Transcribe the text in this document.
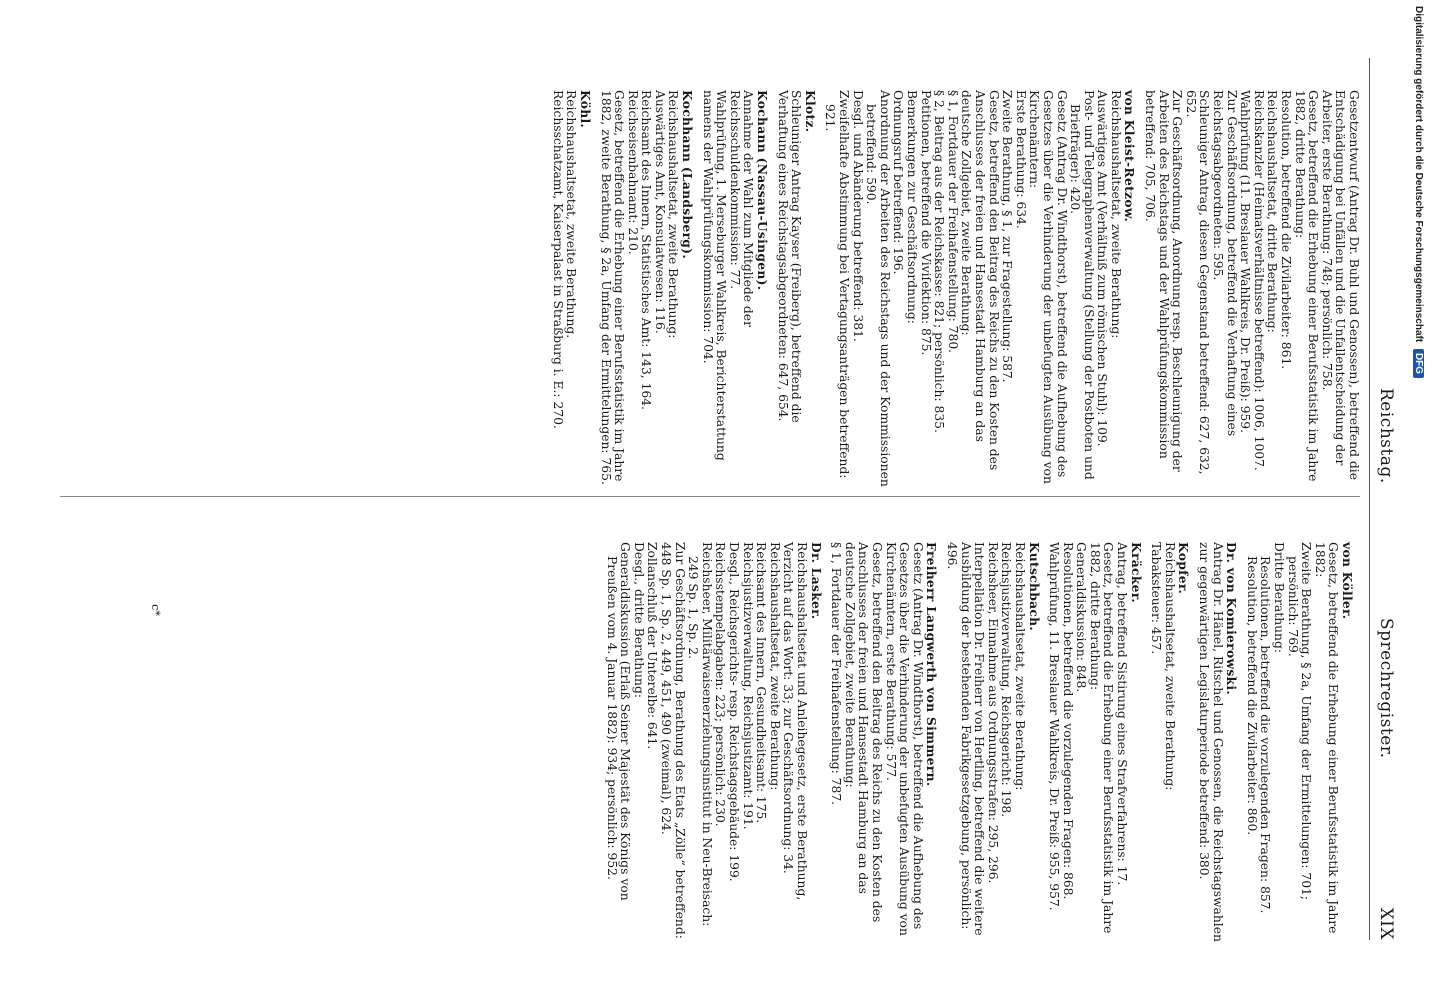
Reichstag.
Sprechregister.
XIX
Gesetzentwurf (Antrag Dr. Buhl und Genossen), betreffend die Entschädigung bei Unfällen und die Unfallentscheidung der Arbeiter, erste Berathung: 748; persönlich: 758.
Gesetz, betreffend die Erhebung einer Berufsstatistik im Jahre 1882, dritte Berathung:
Resolution, betreffend die Zivilarbeiter: 861.
Reichshaushaltsetat, dritte Berathung:
Reichskanzler (Heimatsverhältnisse betreffend): 1006, 1007.
Wahlprüfung (11. Breslauer Wahlkreis, Dr. Preiß): 959.
Zur Geschäftsordnung, betreffend die Verhaftung eines Reichstagsabgeordneten: 595.
Schleuniger Antrag, diesen Gegenstand betreffend: 627, 632, 652.
Zur Geschäftsordnung, Anordnung resp. Beschleunigung der Arbeiten des Reichstags und der Wahlprüfungskommission betreffend: 705, 706.
von Kleist-Retzow.
Reichshaushaltsetat, zweite Berathung:
Auswärtiges Amt (Verhältniß zum römischen Stuhl): 109.
Post- und Telegraphenverwaltung (Stellung der Postboten und Briefträger): 420.
Gesetz (Antrag Dr. Windthorst), betreffend die Aufhebung des Gesetzes über die Verhinderung der unbefugten Ausübung von Kirchenämtern:
Erste Berathung: 634.
Zweite Berathung, § 1, zur Fragestellung: 587.
Gesetz, betreffend den Beitrag des Reichs zu den Kosten des Anschlusses der freien und Hansestadt Hamburg an das deutsche Zollgebiet, zweite Berathung:
§ 1, Fortdauer der Freihafenstellung: 780.
§ 2, Beitrag aus der Reichskasse: 821; persönlich: 835.
Petitionen, betreffend die Viviſektion: 875.
Bemerkungen zur Geschäftsordnung:
Ordnungsruf betreffend: 196.
Anordnung der Arbeiten des Reichstags und der Kommissionen betreffend: 590.
Desgl. und Abänderung betreffend: 381.
Zweifelhafte Abstimmung bei Vertagungsanträgen betreffend: 921.
Klotz.
Schleuniger Antrag Kayser (Freiberg), betreffend die Verhaftung eines Reichstagsabgeordneten: 647, 654.
Kochann (Nassau-Usingen).
Annahme der Wahl zum Mitgliede der Reichsschuldenkommission: 77.
Wahlprüfung, 1. Merseburger Wahlkreis, Berichterstattung namens der Wahlprüfungskommission: 704.
Kochhann (Landsberg).
Reichshaushaltsetat, zweite Berathung:
Auswärtiges Amt, Konsulatwesen: 116.
Reichsamt des Innern, Statistisches Amt: 143, 164.
Reichseisenbahnamt: 210.
Gesetz, betreffend die Erhebung einer Berufsstatistik im Jahre 1882, zweite Berathung, § 2a, Umfang der Ermittelungen: 765.
Köhl.
Reichshaushaltsetat, zweite Berathung.
Reichsschatzamt, Kaiserpalast in Straßburg i. E.: 270.
von Köller.
Gesetz, betreffend die Erhebung einer Berufsstatistik im Jahre 1882:
Zweite Berathung, § 2a, Umfang der Ermittelungen: 701; persönlich: 769.
Dritte Berathung:
Resolutionen, betreffend die vorzulegenden Fragen: 857.
Resolution, betreffend die Zivilarbeiter: 860.
Dr. von Komierowski.
Antrag Dr. Hänel, Ritschel und Genossen, die Reichstagswahlen zur gegenwärtigen Legislaturperiode betreffend: 380.
Kopfer.
Reichshaushaltsetat, zweite Berathung:
Tabaksteuer: 457.
Kräcker.
Antrag, betreffend Sistirung eines Strafverfahrens: 17.
Gesetz, betreffend die Erhebung einer Berufsstatistik im Jahre 1882, dritte Berathung:
Generaldiskussion: 848.
Resolutionen, betreffend die vorzulegenden Fragen: 868.
Wahlprüfung, 11. Breslauer Wahlkreis, Dr. Preiß: 955, 957.
Kutschbach.
Reichshaushaltsetat, zweite Berathung:
Reichsjustizverwaltung, Reichsgericht: 198.
Reichsheer, Einnahme aus Ordnungsstrafen: 295, 296.
Interpellation Dr. Freiherr von Hertling, betreffend die weitere Ausbildung der bestehenden Fabrikgesetzgebung, persönlich: 496.
Freiherr Langwerth von Simmern.
Gesetz (Antrag Dr. Windthorst), betreffend die Aufhebung des Gesetzes über die Verhinderung der unbefugten Ausübung von Kirchenämtern, erste Berathung: 577.
Gesetz, betreffend den Beitrag des Reichs zu den Kosten des Anschlusses der freien und Hansestadt Hamburg an das deutsche Zollgebiet, zweite Berathung:
§ 1, Fortdauer der Freihafenstellung: 787.
Dr. Lasker.
Reichshaushaltsetat und Anleihegesetz, erste Berathung, Verzicht auf das Wort: 33; zur Geschäftsordnung: 34.
Reichshaushaltsetat, zweite Berathung:
Reichsamt des Innern, Gesundheitsamt: 175.
Reichsjustizverwaltung, Reichsjustizamt: 191.
Desgl., Reichsgerichts- resp. Reichstagsgebäude: 199.
Reichsstempelabgaben: 223; persönlich: 230.
Reichsheer, Militärwaisenerziehungsinstitut in Neu-Breisach: 249 Sp. 1, Sp. 2.
Zur Geschäftsordnung, Berathung des Etats „Zölle“ betreffend: 448 Sp. 1, Sp. 2, 449, 451, 490 (zweimal), 624.
Zollanschluß der Unterelbe: 641.
Desgl., dritte Berathung:
Generaldiskussion (Erlaß Seiner Majestät des Königs von Preußen vom 4. Januar 1882): 934; persönlich: 952.
c*
Digitalisierung gefördert durch die Deutsche Forschungsgemeinschaft DFG
